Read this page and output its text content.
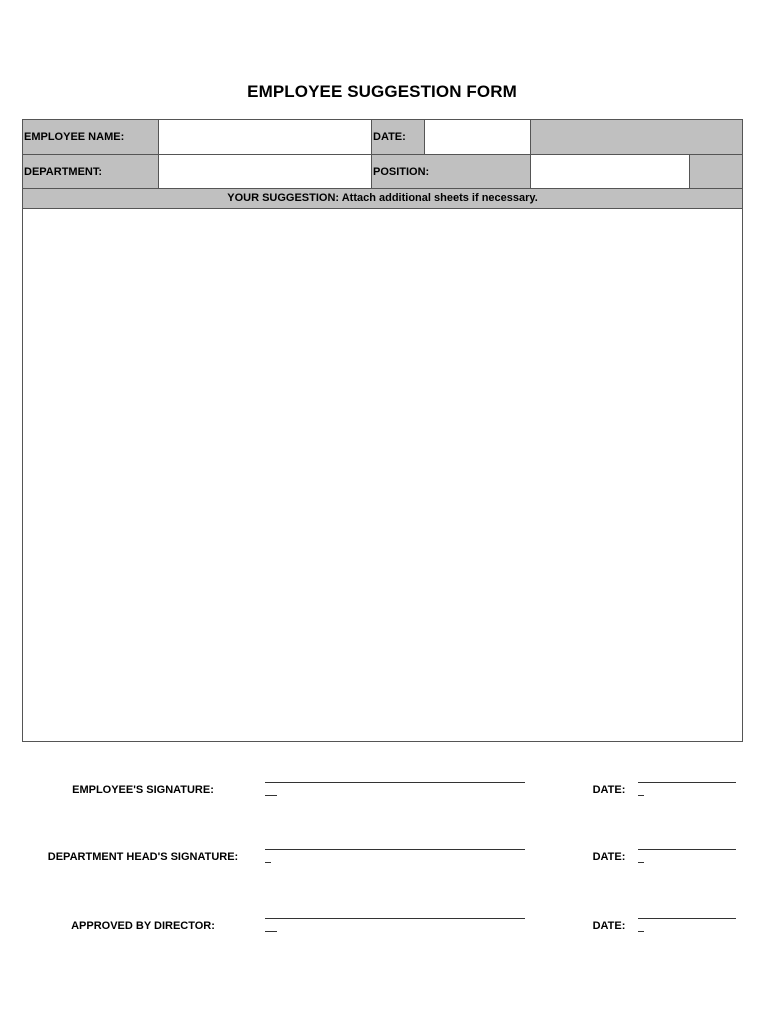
EMPLOYEE SUGGESTION FORM
EMPLOYEE NAME:	DATE:
DEPARTMENT:	POSITION:
YOUR SUGGESTION: Attach additional sheets if necessary.
EMPLOYEE'S SIGNATURE:	DATE:
DEPARTMENT HEAD'S SIGNATURE:	DATE:
APPROVED BY DIRECTOR:	DATE:
